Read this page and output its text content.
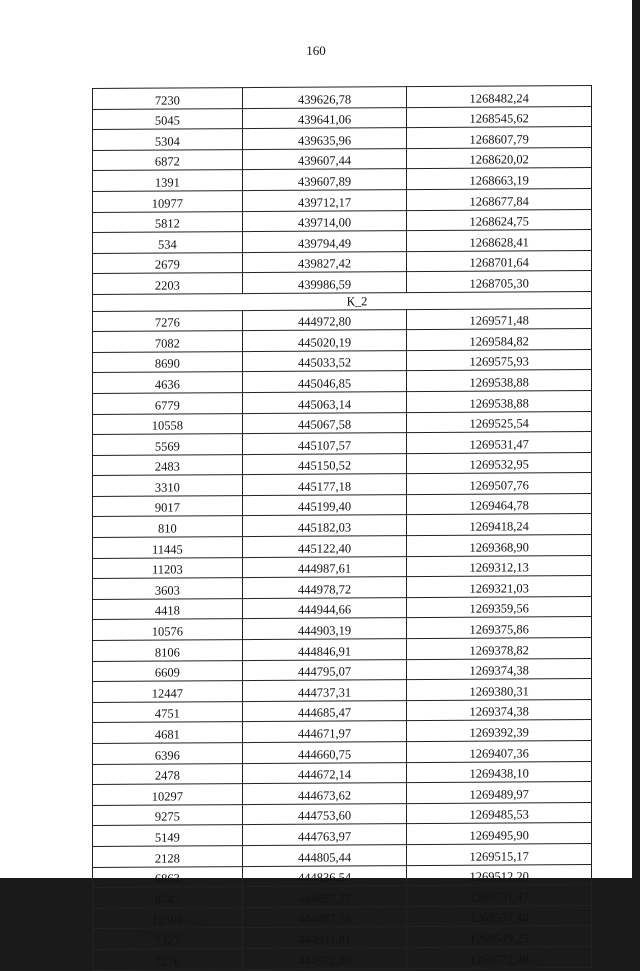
160
7230	439626,78	1268482,24
5045	439641,06	1268545,62
5304	439635,96	1268607,79
6872	439607,44	1268620,02
1391	439607,89	1268663,19
10977	439712,17	1268677,84
5812	439714,00	1268624,75
534	439794,49	1268628,41
2679	439827,42	1268701,64
2203	439986,59	1268705,30
К_2		
7276	444972,80	1269571,48
7082	445020,19	1269584,82
8690	445033,52	1269575,93
4636	445046,85	1269538,88
6779	445063,14	1269538,88
10558	445067,58	1269525,54
5569	445107,57	1269531,47
2483	445150,52	1269532,95
3310	445177,18	1269507,76
9017	445199,40	1269464,78
810	445182,03	1269418,24
11445	445122,40	1269368,90
11203	444987,61	1269312,13
3603	444978,72	1269321,03
4418	444944,66	1269359,56
10576	444903,19	1269375,86
8106	444846,91	1269378,82
6609	444795,07	1269374,38
12447	444737,31	1269380,31
4751	444685,47	1269374,38
4681	444671,97	1269392,39
6396	444660,75	1269407,36
2478	444672,14	1269438,10
10297	444673,62	1269489,97
9275	444753,60	1269485,53
5149	444763,97	1269495,90
2128	444805,44	1269515,17
6863	444836,54	1269512,20
8747	444857,27	1269531,47
12304	444897,26	1269537,40
7327	444932,81	1269549,25
7276	444972,80	1269571,48
